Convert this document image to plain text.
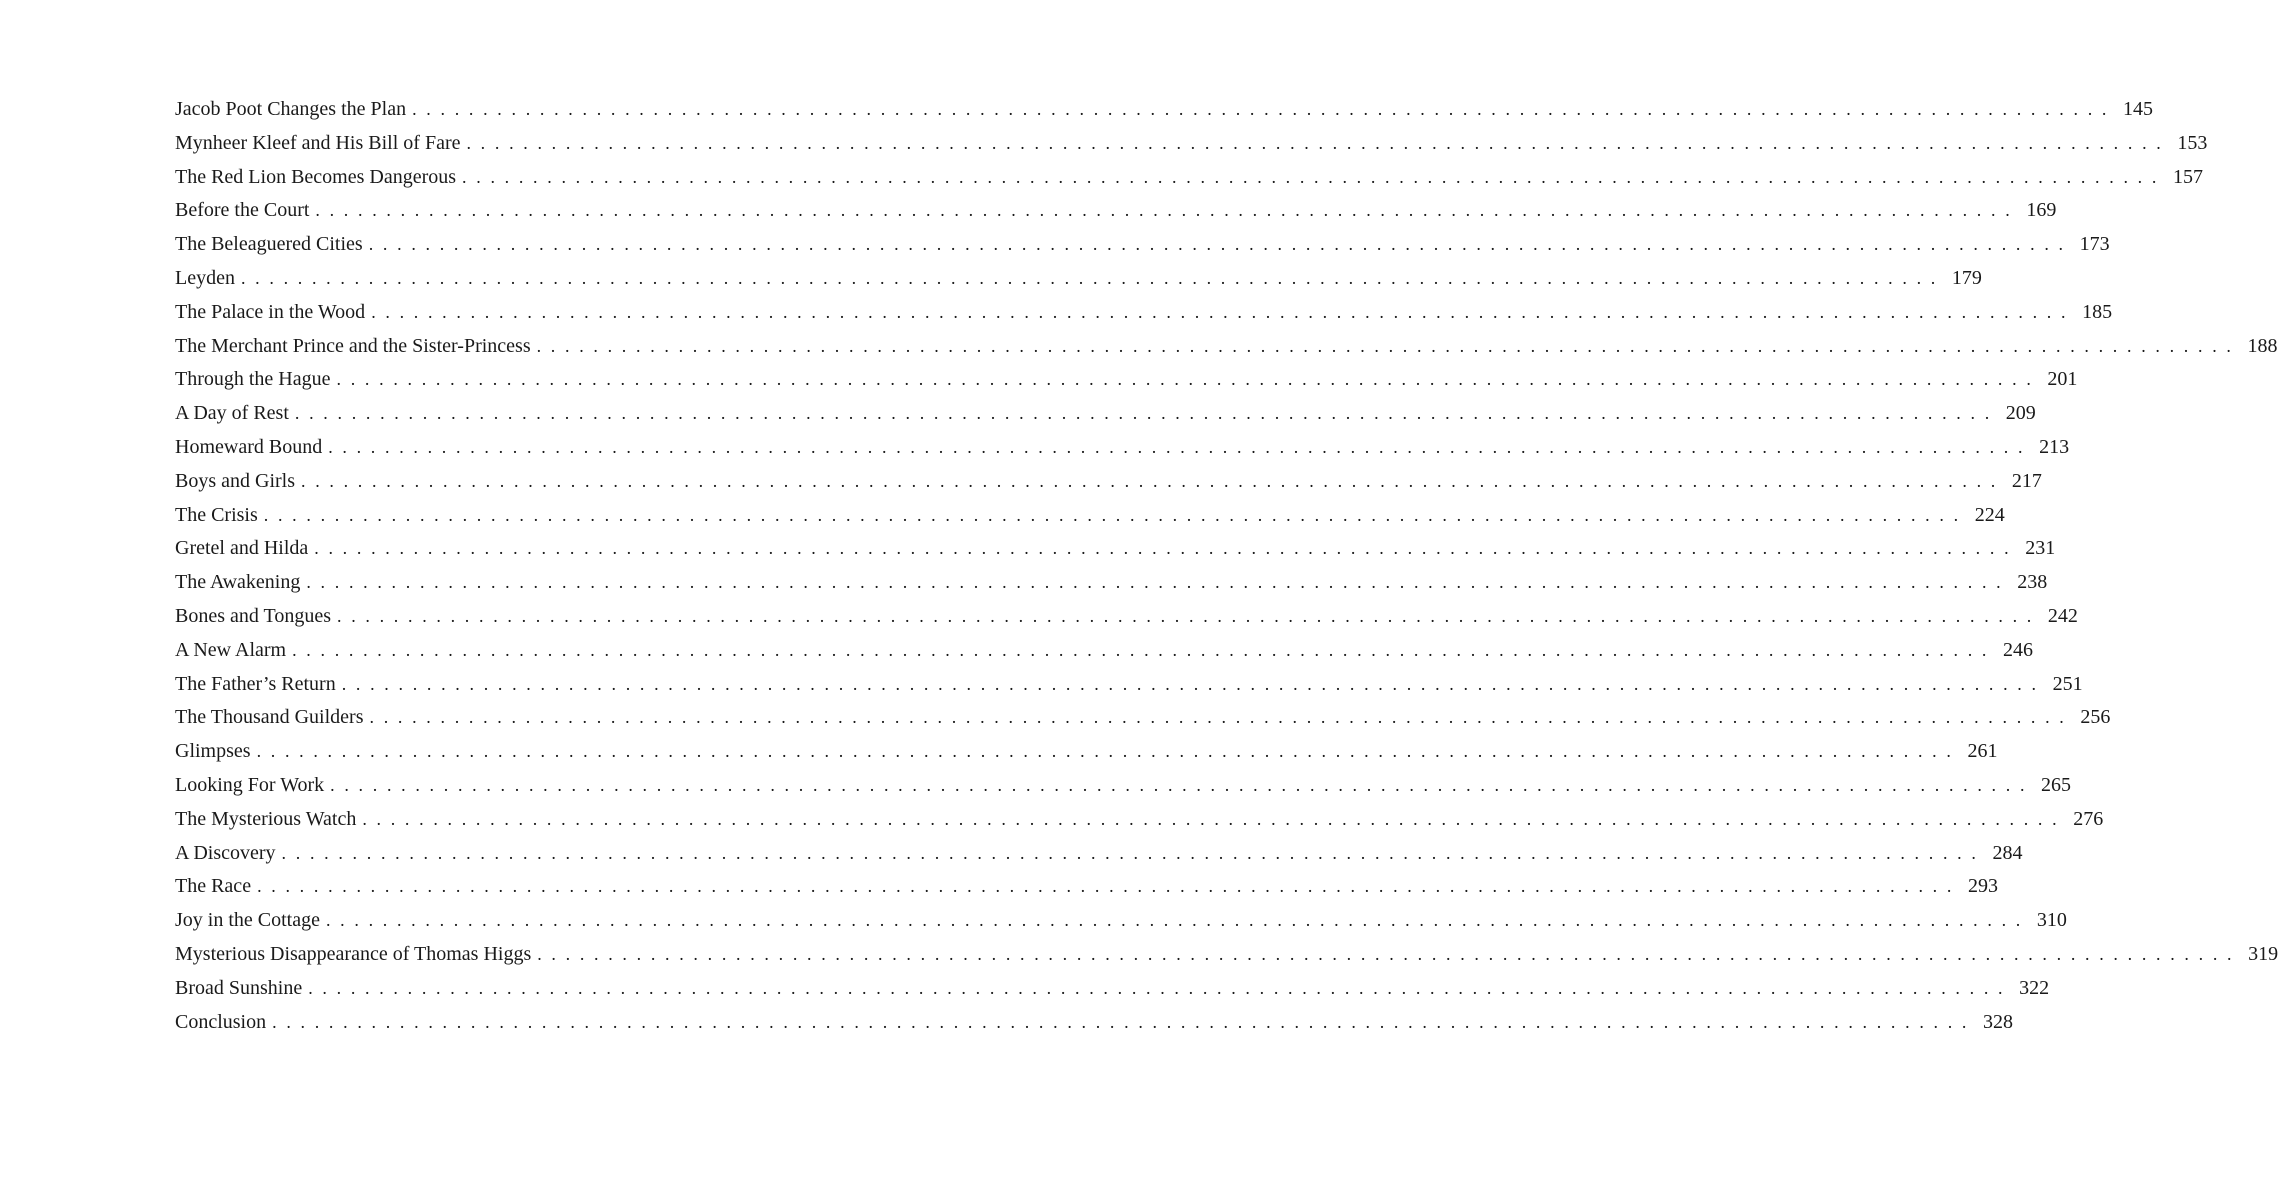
Jacob Poot Changes the Plan . . . . . . . . . . . . . . . . . . . . . . . . . . . . . . . . . . . . . . . . . . . . . . . . . . . . . . . . . . . . . . . . . . . . . . . . . . . . . . . . . . . . . . . . . . . . . . . . . . . . . . . . . . . . . . . . . . . . . . . . 145
Mynheer Kleef and His Bill of Fare . . . . . . . . . . . . . . . . . . . . . . . . . . . . . . . . . . . . . . . . . . . . . . . . . . . . . . . . . . . . . . . . . . . . . . . . . . . . . . . . . . . . . . . . . . . . . . . . . . . . . . . . . . . . . . . . . . . . . . . . 153
The Red Lion Becomes Dangerous . . . . . . . . . . . . . . . . . . . . . . . . . . . . . . . . . . . . . . . . . . . . . . . . . . . . . . . . . . . . . . . . . . . . . . . . . . . . . . . . . . . . . . . . . . . . . . . . . . . . . . . . . . . . . . . . . . . . . . . . 157
Before the Court . . . . . . . . . . . . . . . . . . . . . . . . . . . . . . . . . . . . . . . . . . . . . . . . . . . . . . . . . . . . . . . . . . . . . . . . . . . . . . . . . . . . . . . . . . . . . . . . . . . . . . . . . . . . . . . . . . . . . . . . 169
The Beleaguered Cities . . . . . . . . . . . . . . . . . . . . . . . . . . . . . . . . . . . . . . . . . . . . . . . . . . . . . . . . . . . . . . . . . . . . . . . . . . . . . . . . . . . . . . . . . . . . . . . . . . . . . . . . . . . . . . . . . . . . . . . . 173
Leyden . . . . . . . . . . . . . . . . . . . . . . . . . . . . . . . . . . . . . . . . . . . . . . . . . . . . . . . . . . . . . . . . . . . . . . . . . . . . . . . . . . . . . . . . . . . . . . . . . . . . . . . . . . . . . . . . . . . . . . . . 179
The Palace in the Wood . . . . . . . . . . . . . . . . . . . . . . . . . . . . . . . . . . . . . . . . . . . . . . . . . . . . . . . . . . . . . . . . . . . . . . . . . . . . . . . . . . . . . . . . . . . . . . . . . . . . . . . . . . . . . . . . . . . . . . . . 185
The Merchant Prince and the Sister-Princess . . . . . . . . . . . . . . . . . . . . . . . . . . . . . . . . . . . . . . . . . . . . . . . . . . . . . . . . . . . . . . . . . . . . . . . . . . . . . . . . . . . . . . . . . . . . . . . . . . . . . . . . . . . . . . . . . . . . . . . . 188
Through the Hague . . . . . . . . . . . . . . . . . . . . . . . . . . . . . . . . . . . . . . . . . . . . . . . . . . . . . . . . . . . . . . . . . . . . . . . . . . . . . . . . . . . . . . . . . . . . . . . . . . . . . . . . . . . . . . . . . . . . . . . . 201
A Day of Rest . . . . . . . . . . . . . . . . . . . . . . . . . . . . . . . . . . . . . . . . . . . . . . . . . . . . . . . . . . . . . . . . . . . . . . . . . . . . . . . . . . . . . . . . . . . . . . . . . . . . . . . . . . . . . . . . . . . . . . . . 209
Homeward Bound . . . . . . . . . . . . . . . . . . . . . . . . . . . . . . . . . . . . . . . . . . . . . . . . . . . . . . . . . . . . . . . . . . . . . . . . . . . . . . . . . . . . . . . . . . . . . . . . . . . . . . . . . . . . . . . . . . . . . . . . 213
Boys and Girls . . . . . . . . . . . . . . . . . . . . . . . . . . . . . . . . . . . . . . . . . . . . . . . . . . . . . . . . . . . . . . . . . . . . . . . . . . . . . . . . . . . . . . . . . . . . . . . . . . . . . . . . . . . . . . . . . . . . . . . . 217
The Crisis . . . . . . . . . . . . . . . . . . . . . . . . . . . . . . . . . . . . . . . . . . . . . . . . . . . . . . . . . . . . . . . . . . . . . . . . . . . . . . . . . . . . . . . . . . . . . . . . . . . . . . . . . . . . . . . . . . . . . . . . 224
Gretel and Hilda . . . . . . . . . . . . . . . . . . . . . . . . . . . . . . . . . . . . . . . . . . . . . . . . . . . . . . . . . . . . . . . . . . . . . . . . . . . . . . . . . . . . . . . . . . . . . . . . . . . . . . . . . . . . . . . . . . . . . . . . 231
The Awakening . . . . . . . . . . . . . . . . . . . . . . . . . . . . . . . . . . . . . . . . . . . . . . . . . . . . . . . . . . . . . . . . . . . . . . . . . . . . . . . . . . . . . . . . . . . . . . . . . . . . . . . . . . . . . . . . . . . . . . . . 238
Bones and Tongues . . . . . . . . . . . . . . . . . . . . . . . . . . . . . . . . . . . . . . . . . . . . . . . . . . . . . . . . . . . . . . . . . . . . . . . . . . . . . . . . . . . . . . . . . . . . . . . . . . . . . . . . . . . . . . . . . . . . . . . . 242
A New Alarm . . . . . . . . . . . . . . . . . . . . . . . . . . . . . . . . . . . . . . . . . . . . . . . . . . . . . . . . . . . . . . . . . . . . . . . . . . . . . . . . . . . . . . . . . . . . . . . . . . . . . . . . . . . . . . . . . . . . . . . . 246
The Father’s Return . . . . . . . . . . . . . . . . . . . . . . . . . . . . . . . . . . . . . . . . . . . . . . . . . . . . . . . . . . . . . . . . . . . . . . . . . . . . . . . . . . . . . . . . . . . . . . . . . . . . . . . . . . . . . . . . . . . . . . . . 251
The Thousand Guilders . . . . . . . . . . . . . . . . . . . . . . . . . . . . . . . . . . . . . . . . . . . . . . . . . . . . . . . . . . . . . . . . . . . . . . . . . . . . . . . . . . . . . . . . . . . . . . . . . . . . . . . . . . . . . . . . . . . . . . . . 256
Glimpses . . . . . . . . . . . . . . . . . . . . . . . . . . . . . . . . . . . . . . . . . . . . . . . . . . . . . . . . . . . . . . . . . . . . . . . . . . . . . . . . . . . . . . . . . . . . . . . . . . . . . . . . . . . . . . . . . . . . . . . . 261
Looking For Work . . . . . . . . . . . . . . . . . . . . . . . . . . . . . . . . . . . . . . . . . . . . . . . . . . . . . . . . . . . . . . . . . . . . . . . . . . . . . . . . . . . . . . . . . . . . . . . . . . . . . . . . . . . . . . . . . . . . . . . . 265
The Mysterious Watch . . . . . . . . . . . . . . . . . . . . . . . . . . . . . . . . . . . . . . . . . . . . . . . . . . . . . . . . . . . . . . . . . . . . . . . . . . . . . . . . . . . . . . . . . . . . . . . . . . . . . . . . . . . . . . . . . . . . . . . . 276
A Discovery . . . . . . . . . . . . . . . . . . . . . . . . . . . . . . . . . . . . . . . . . . . . . . . . . . . . . . . . . . . . . . . . . . . . . . . . . . . . . . . . . . . . . . . . . . . . . . . . . . . . . . . . . . . . . . . . . . . . . . . . 284
The Race . . . . . . . . . . . . . . . . . . . . . . . . . . . . . . . . . . . . . . . . . . . . . . . . . . . . . . . . . . . . . . . . . . . . . . . . . . . . . . . . . . . . . . . . . . . . . . . . . . . . . . . . . . . . . . . . . . . . . . . . 293
Joy in the Cottage . . . . . . . . . . . . . . . . . . . . . . . . . . . . . . . . . . . . . . . . . . . . . . . . . . . . . . . . . . . . . . . . . . . . . . . . . . . . . . . . . . . . . . . . . . . . . . . . . . . . . . . . . . . . . . . . . . . . . . . . 310
Mysterious Disappearance of Thomas Higgs . . . . . . . . . . . . . . . . . . . . . . . . . . . . . . . . . . . . . . . . . . . . . . . . . . . . . . . . . . . . . . . . . . . . . . . . . . . . . . . . . . . . . . . . . . . . . . . . . . . . . . . . . . . . . . . . . . . . . . . . 319
Broad Sunshine . . . . . . . . . . . . . . . . . . . . . . . . . . . . . . . . . . . . . . . . . . . . . . . . . . . . . . . . . . . . . . . . . . . . . . . . . . . . . . . . . . . . . . . . . . . . . . . . . . . . . . . . . . . . . . . . . . . . . . . . 322
Conclusion . . . . . . . . . . . . . . . . . . . . . . . . . . . . . . . . . . . . . . . . . . . . . . . . . . . . . . . . . . . . . . . . . . . . . . . . . . . . . . . . . . . . . . . . . . . . . . . . . . . . . . . . . . . . . . . . . . . . . . . . 328
